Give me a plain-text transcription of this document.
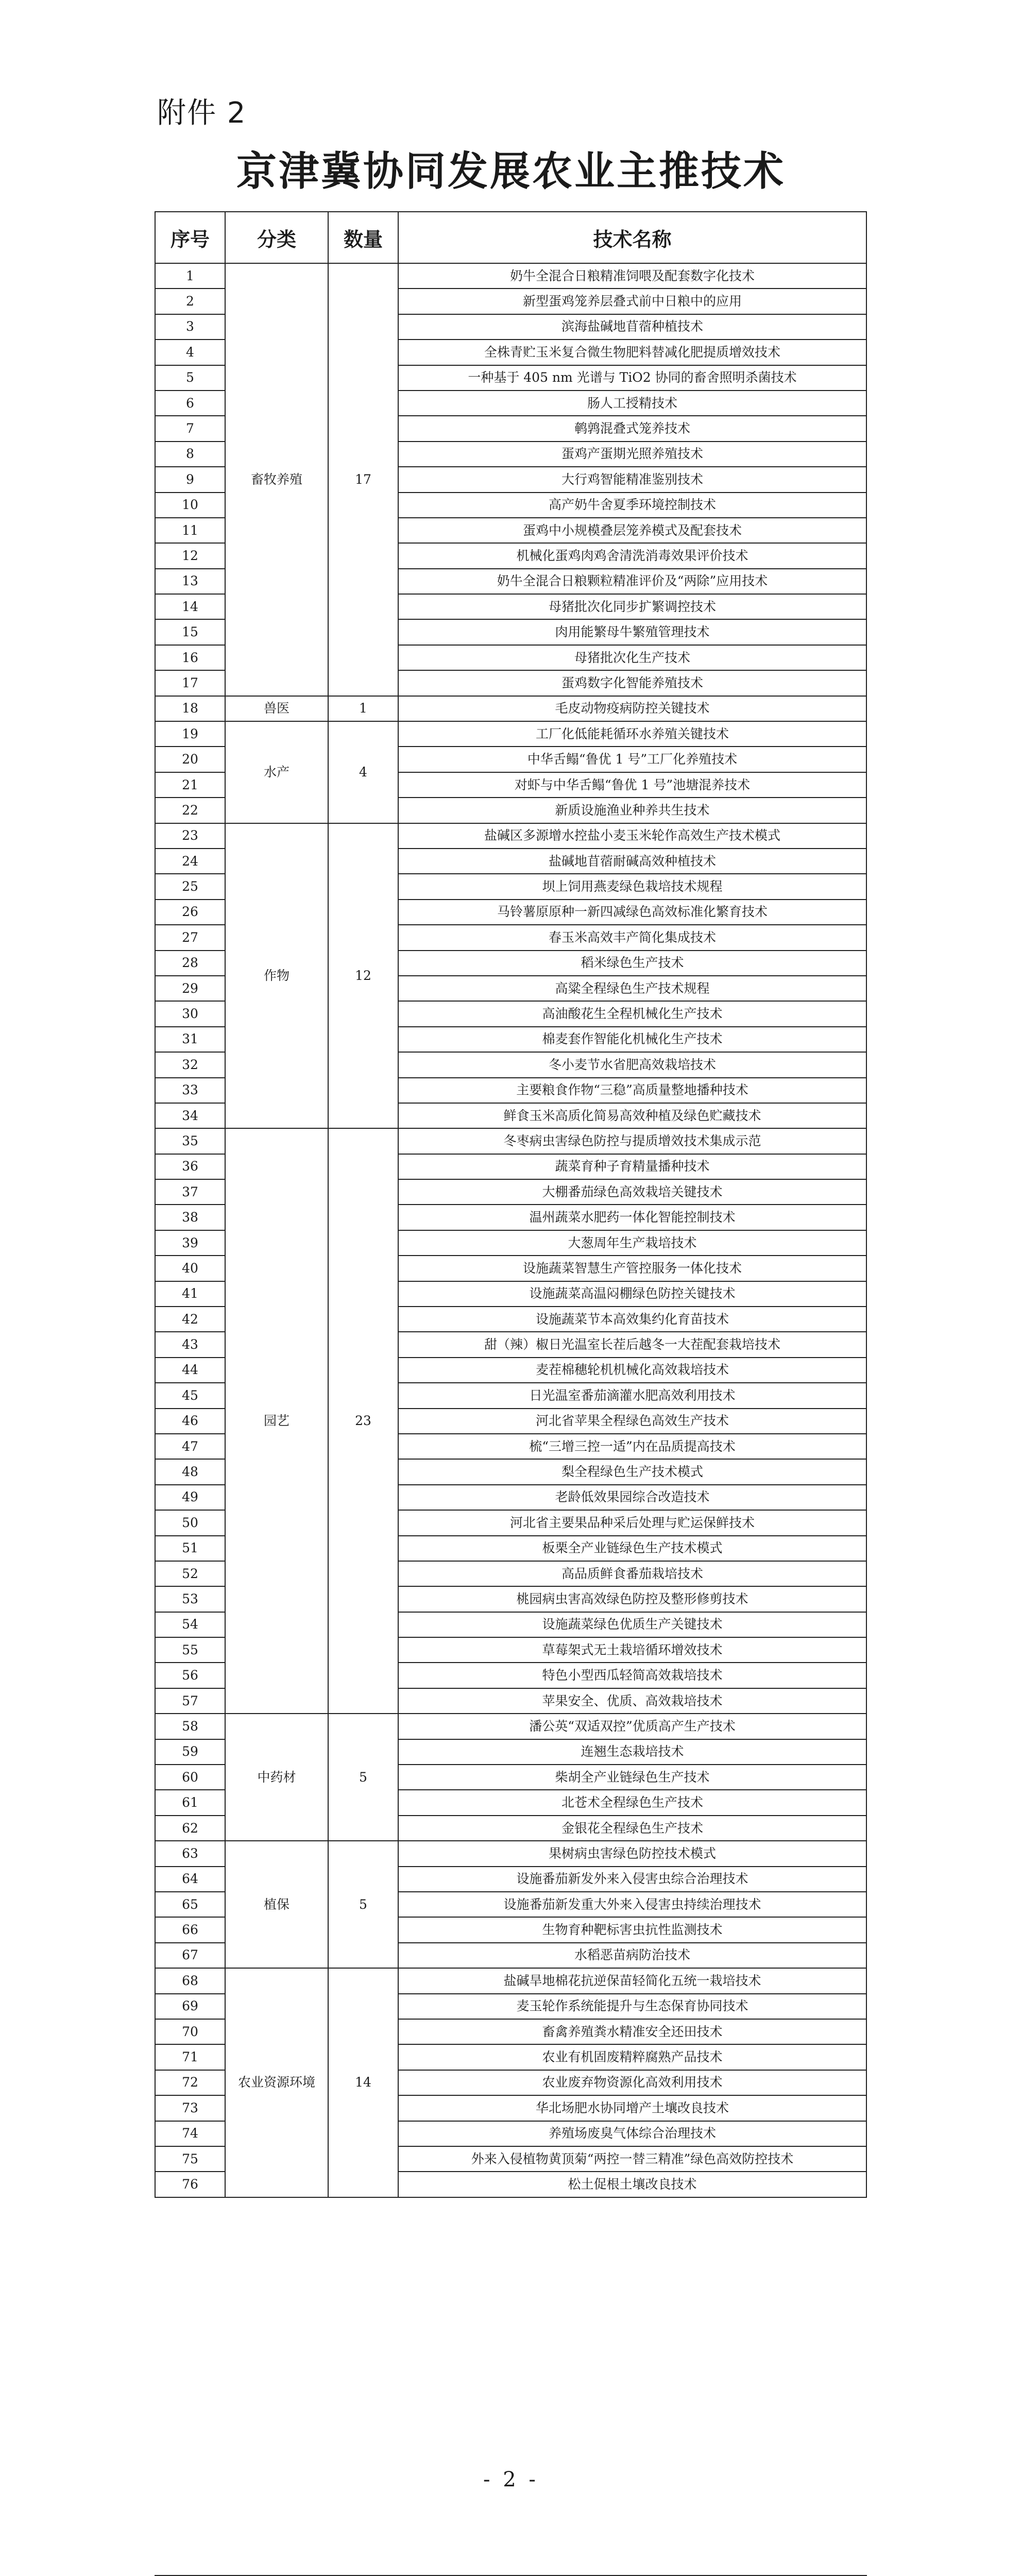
附件 2
京津冀协同发展农业主推技术
序号	分类	数量	技术名称
1	畜牧养殖	17	奶牛全混合日粮精准饲喂及配套数字化技术
2			新型蛋鸡笼养层叠式前中日粮中的应用
3			滨海盐碱地苜蓿种植技术
4			全株青贮玉米复合微生物肥料替减化肥提质增效技术
5			一种基于 405 nm 光谱与 TiO2 协同的畜舍照明杀菌技术
6			肠人工授精技术
7			鹌鹑混叠式笼养技术
8			蛋鸡产蛋期光照养殖技术
9			大行鸡智能精准鉴别技术
10			高产奶牛舍夏季环境控制技术
11			蛋鸡中小规模叠层笼养模式及配套技术
12			机械化蛋鸡肉鸡舍清洗消毒效果评价技术
13			奶牛全混合日粮颗粒精准评价及“两除”应用技术
14			母猪批次化同步扩繁调控技术
15			肉用能繁母牛繁殖管理技术
16			母猪批次化生产技术
17			蛋鸡数字化智能养殖技术
18	兽医	1	毛皮动物疫病防控关键技术
19	水产	4	工厂化低能耗循环水养殖关键技术
20			中华舌鳎“鲁优 1 号”工厂化养殖技术
21			对虾与中华舌鳎“鲁优 1 号”池塘混养技术
22			新质设施渔业种养共生技术
23	作物	12	盐碱区多源增水控盐小麦玉米轮作高效生产技术模式
24			盐碱地苜蓿耐碱高效种植技术
25			坝上饲用燕麦绿色栽培技术规程
26			马铃薯原原种一新四减绿色高效标准化繁育技术
27			春玉米高效丰产简化集成技术
28			稻米绿色生产技术
29			高粱全程绿色生产技术规程
30			高油酸花生全程机械化生产技术
31			棉麦套作智能化机械化生产技术
32			冬小麦节水省肥高效栽培技术
33			主要粮食作物“三稳”高质量整地播种技术
34			鲜食玉米高质化简易高效种植及绿色贮藏技术
35	园艺	23	冬枣病虫害绿色防控与提质增效技术集成示范
36			蔬菜育种子育精量播种技术
37			大棚番茄绿色高效栽培关键技术
38			温州蔬菜水肥药一体化智能控制技术
39			大葱周年生产栽培技术
40			设施蔬菜智慧生产管控服务一体化技术
41			设施蔬菜高温闷棚绿色防控关键技术
42			设施蔬菜节本高效集约化育苗技术
43			甜（辣）椒日光温室长茬后越冬一大茬配套栽培技术
44			麦茬棉穗轮机机械化高效栽培技术
45			日光温室番茄滴灌水肥高效利用技术
46			河北省苹果全程绿色高效生产技术
47			梳“三增三控一适”内在品质提高技术
48			梨全程绿色生产技术模式
49			老龄低效果园综合改造技术
50			河北省主要果品种采后处理与贮运保鲜技术
51			板栗全产业链绿色生产技术模式
52			高品质鲜食番茄栽培技术
53			桃园病虫害高效绿色防控及整形修剪技术
54			设施蔬菜绿色优质生产关键技术
55			草莓架式无土栽培循环增效技术
56			特色小型西瓜轻简高效栽培技术
57			苹果安全、优质、高效栽培技术
58	中药材	5	潘公英“双适双控”优质高产生产技术
59			连翘生态栽培技术
60			柴胡全产业链绿色生产技术
61			北苍术全程绿色生产技术
62			金银花全程绿色生产技术
63	植保	5	果树病虫害绿色防控技术模式
64			设施番茄新发外来入侵害虫综合治理技术
65			设施番茄新发重大外来入侵害虫持续治理技术
66			生物育种靶标害虫抗性监测技术
67			水稻恶苗病防治技术
68	农业资源环境	14	盐碱旱地棉花抗逆保苗轻简化五统一栽培技术
69			麦玉轮作系统能提升与生态保育协同技术
70			畜禽养殖粪水精准安全还田技术
71			农业有机固废精粹腐熟产品技术
72			农业废弃物资源化高效利用技术
73			华北场肥水协同增产土壤改良技术
74			养殖场废臭气体综合治理技术
75			外来入侵植物黄顶菊“两控一替三精准”绿色高效防控技术
76			松土促根土壤改良技术
- 2 -
